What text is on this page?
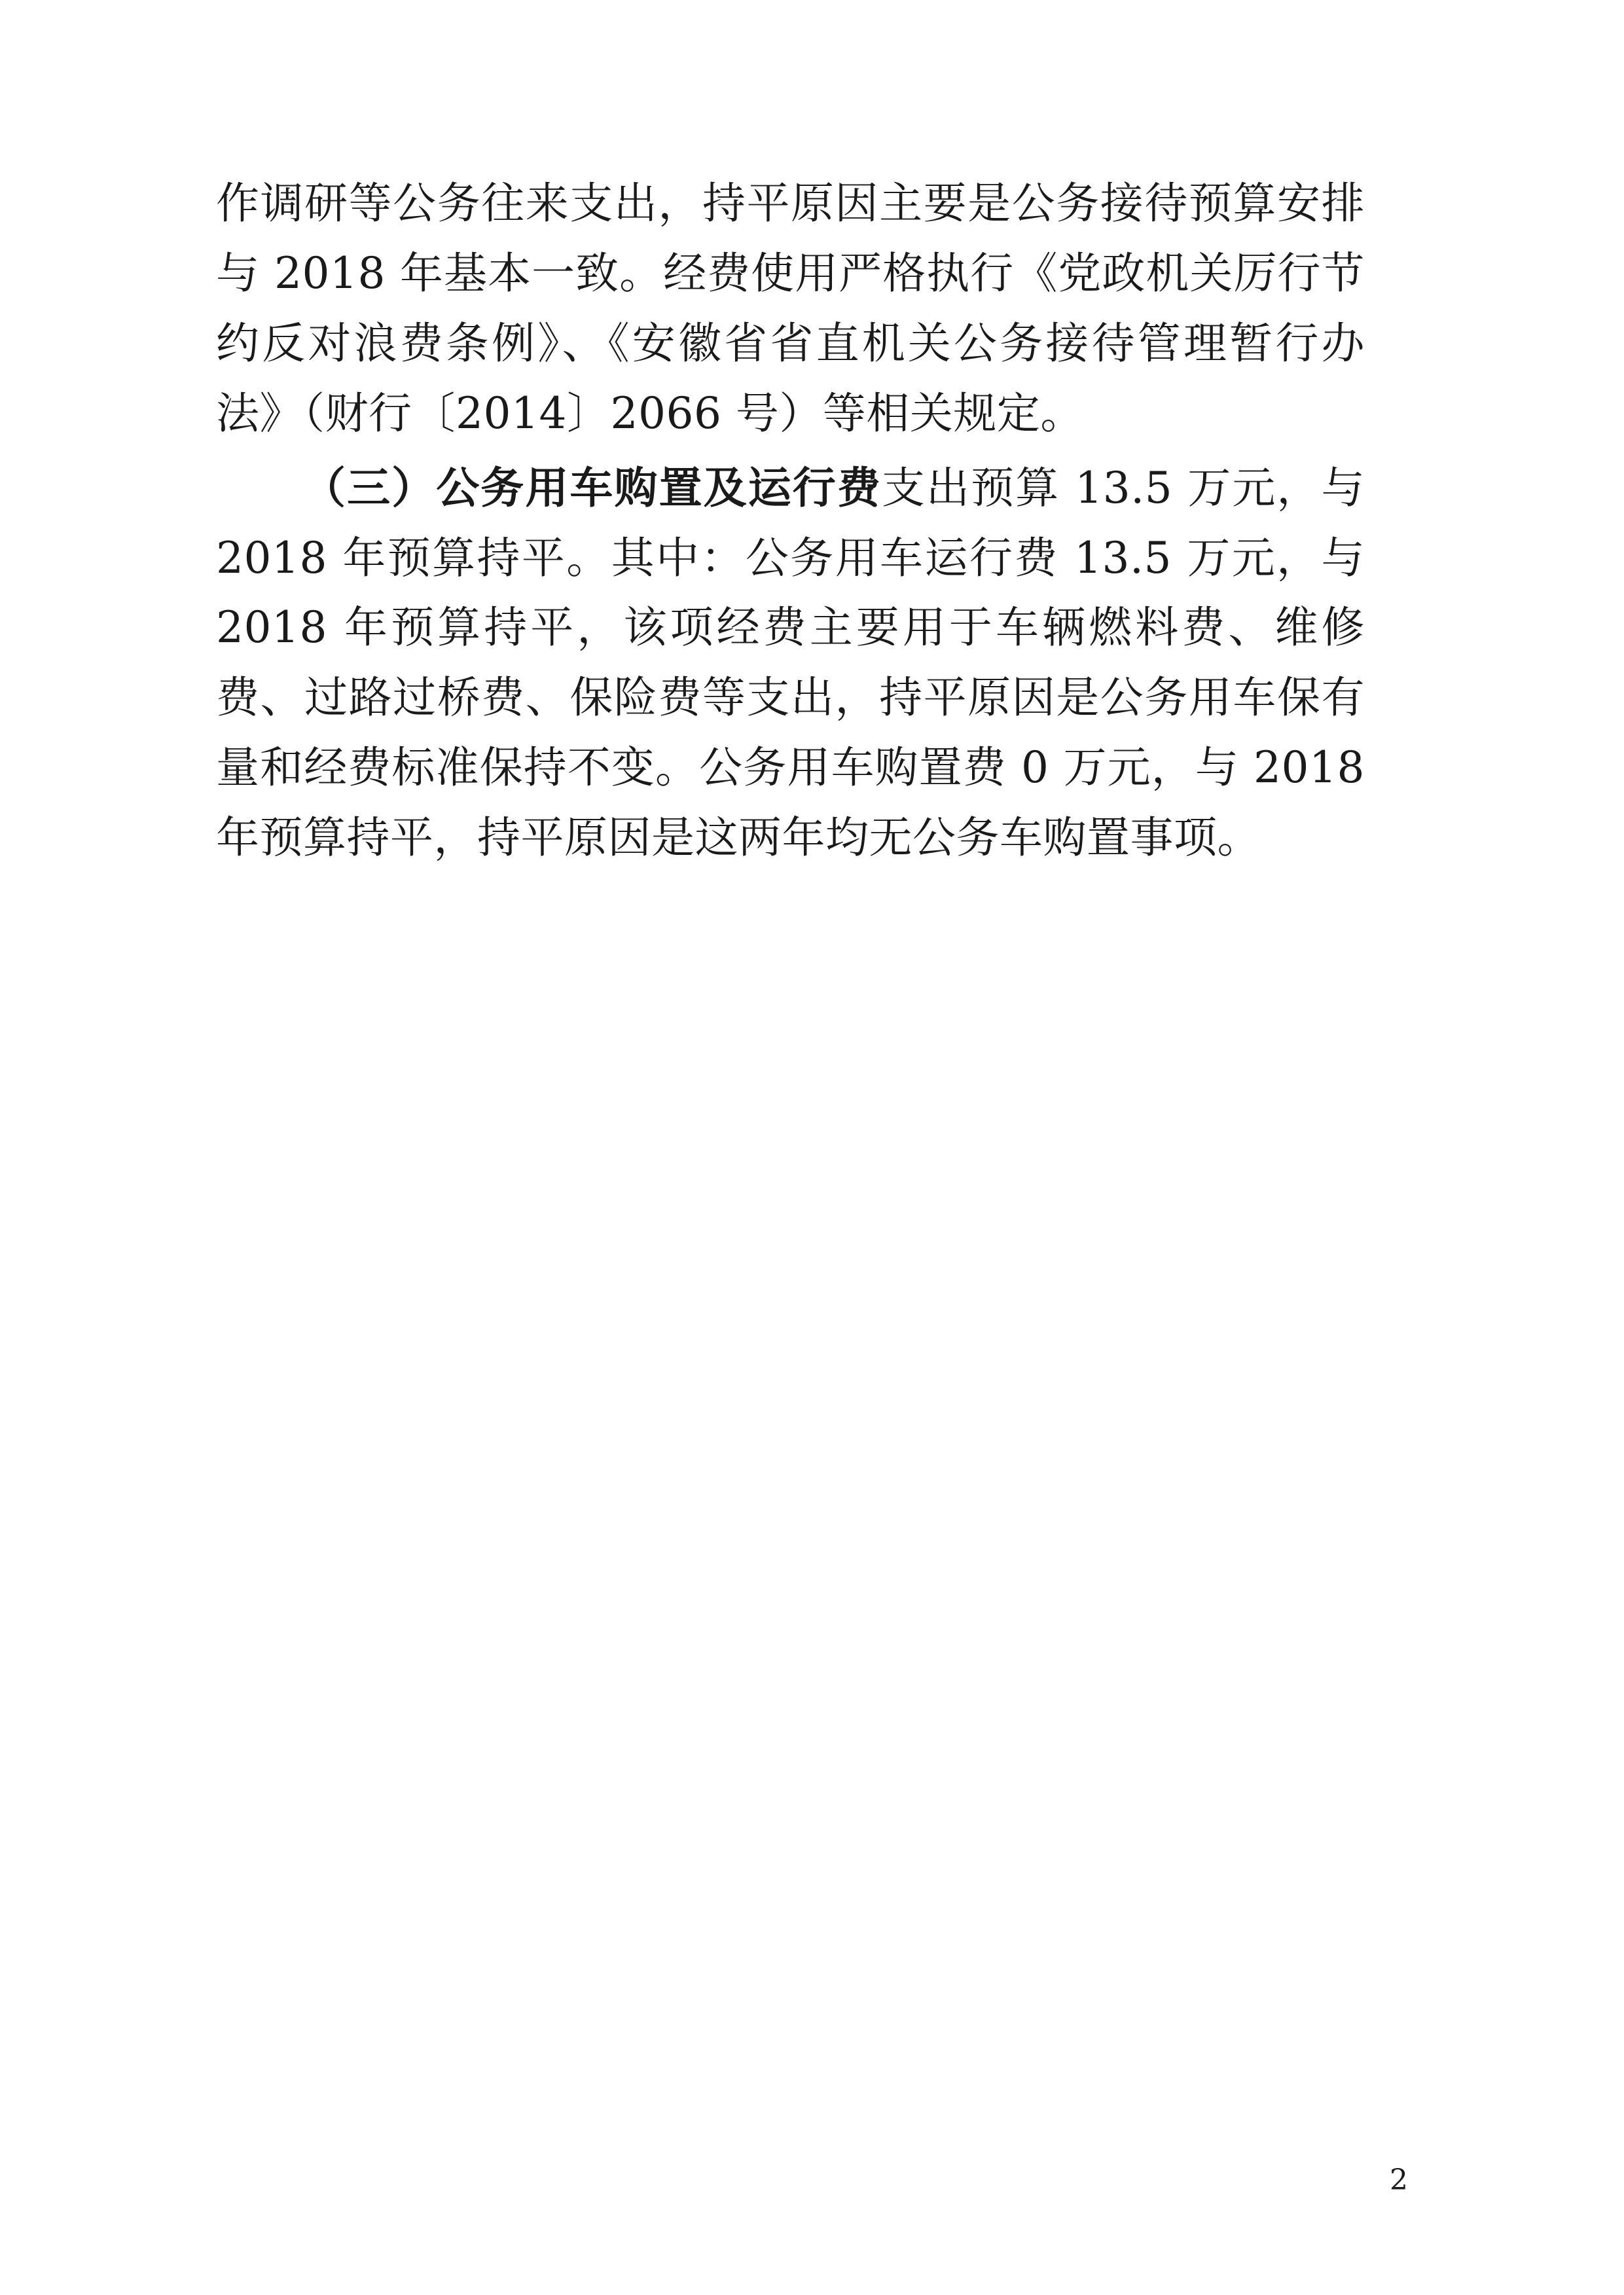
作调研等公务往来支出，持平原因主要是公务接待预算安排与 2018 年基本一致。经费使用严格执行《党政机关厉行节约反对浪费条例》、《安徽省省直机关公务接待管理暂行办法》（财行〔2014〕2066 号）等相关规定。

（三）公务用车购置及运行费支出预算 13.5 万元，与 2018 年预算持平。其中：公务用车运行费 13.5 万元，与 2018 年预算持平，该项经费主要用于车辆燃料费、维修费、过路过桥费、保险费等支出，持平原因是公务用车保有量和经费标准保持不变。公务用车购置费 0 万元，与 2018 年预算持平，持平原因是这两年均无公务车购置事项。

2
